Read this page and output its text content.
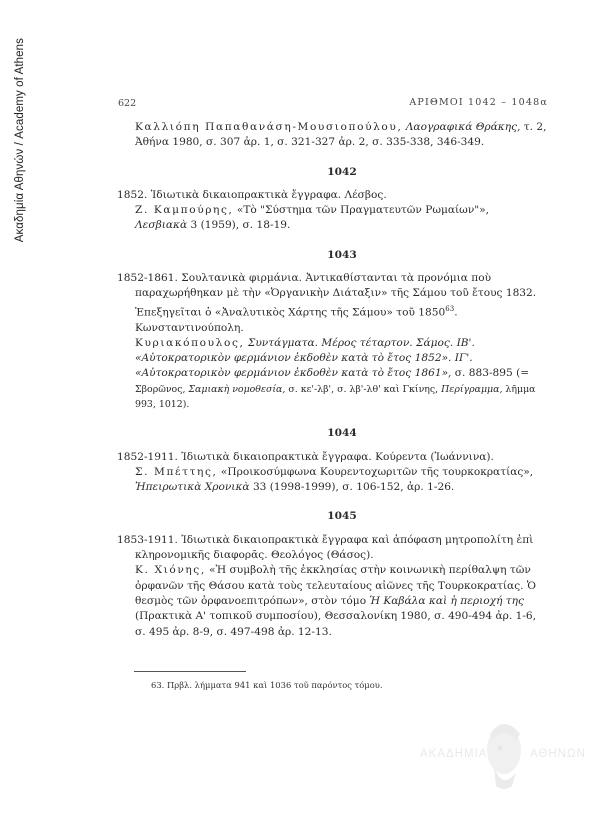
Ακαδημία Αθηνών / Academy of Athens	622	ΑΡΙΘΜΟΙ 1042 – 1048α

Καλλιόπη Παπαθανάση-Μουσιοπούλου, Λαογραφικά Θράκης, τ. 2, Ἀθήνα 1980, σ. 307 ἀρ. 1, σ. 321-327 ἀρ. 2, σ. 335-338, 346-349.

1042

1852. Ἰδιωτικὰ δικαιοπρακτικὰ ἔγγραφα. Λέσβος.

Ζ. Καμπούρης, «Τὸ "Σύστημα τῶν Πραγματευτῶν Ρωμαίων"»,
Λεσβιακὰ 3 (1959), σ. 18-19.

1043

1852-1861. Σουλτανικὰ φιρμάνια. Ἀντικαθίστανται τὰ προνόμια ποὺ παραχωρήθηκαν μὲ τὴν «Ὀργανικὴν Διάταξιν» τῆς Σάμου τοῦ ἔτους 1832. Ἐπεξηγεῖται ὁ «Ἀναλυτικὸς Χάρτης τῆς Σάμου» τοῦ 1850$^{63}$. Κωνσταντινούπολη.

Κυριακόπουλος, Συντάγματα. Μέρος τέταρτον. Σάμος. ΙΒ'. «Αὐτοκρατορικὸν φερμάνιον ἐκδοθὲν κατὰ τὸ ἔτος 1852». ΙΓ'. «Αὐτοκρατορικὸν φερμάνιον ἐκδοθὲν κατὰ τὸ ἔτος 1861», σ. 883-895 (= Σβορῶνος, Σαμιακὴ νομοθεσία, σ. κε'-λβ', σ. λβ'-λθ' καὶ Γκίνης, Περίγραμμα, λῆμμα 993, 1012).

1044

1852-1911. Ἰδιωτικὰ δικαιοπρακτικὰ ἔγγραφα. Κούρεντα (Ἰωάννινα).

Σ. Μπέττης, «Προικοσύμφωνα Κουρεντοχωριτῶν τῆς τουρκοκρατίας», Ἠπειρωτικὰ Χρονικὰ 33 (1998-1999), σ. 106-152, ἀρ. 1-26.

1045

1853-1911. Ἰδιωτικὰ δικαιοπρακτικὰ ἔγγραφα καὶ ἀπόφαση μητροπολίτη ἐπὶ κληρονομικῆς διαφορᾶς. Θεολόγος (Θάσος).

Κ. Χιόνης, «Ἡ συμβολὴ τῆς ἐκκλησίας στὴν κοινωνικὴ περίθαλψη τῶν ὀρφανῶν τῆς Θάσου κατὰ τοὺς τελευταίους αἰῶνες τῆς Τουρκοκρατίας. Ὁ θεσμὸς τῶν ὀρφανοεπιτρόπων», στὸν τόμο Ἡ Καβάλα καὶ ἡ περιοχή της (Πρακτικὰ Α' τοπικοῦ συμποσίου), Θεσσαλονίκη 1980, σ. 490-494 ἀρ. 1-6, σ. 495 ἀρ. 8-9, σ. 497-498 ἀρ. 12-13.

63. Πρβλ. λήμματα 941 καὶ 1036 τοῦ παρόντος τόμου.
ΑΚΑΔΗΜΙΑ	ΑΘΗΝΩΝ
